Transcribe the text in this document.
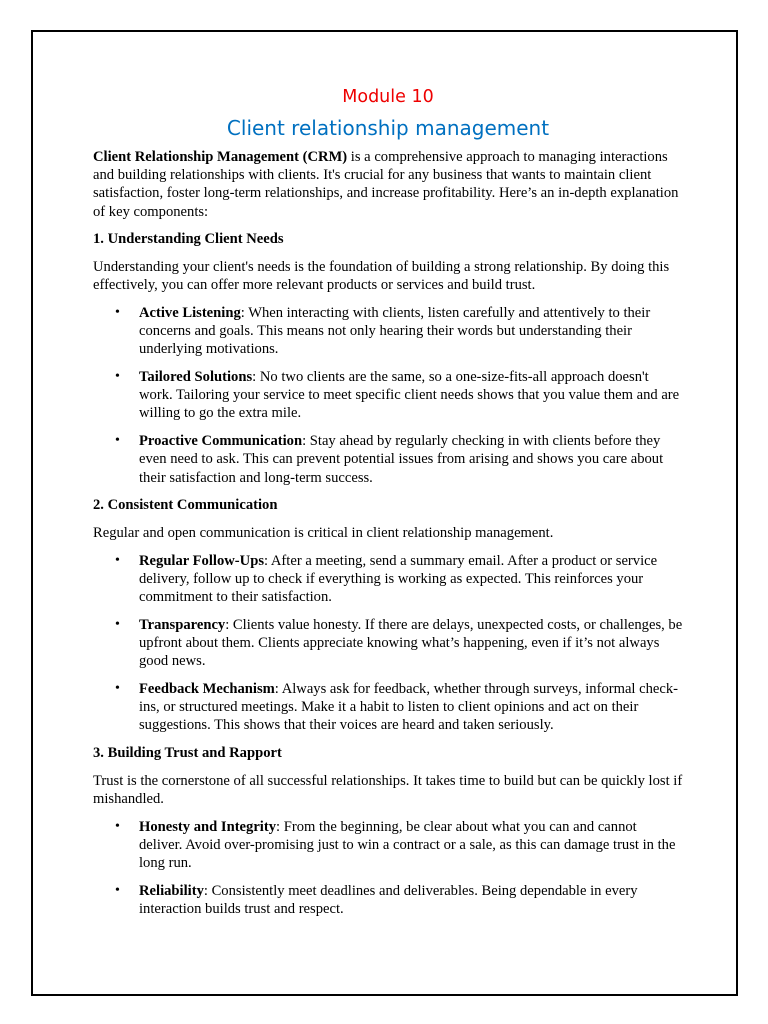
Module 10
Client relationship management

Client Relationship Management (CRM) is a comprehensive approach to managing interactions and building relationships with clients. It's crucial for any business that wants to maintain client satisfaction, foster long-term relationships, and increase profitability. Here’s an in-depth explanation of key components:

1. Understanding Client Needs

Understanding your client's needs is the foundation of building a strong relationship. By doing this effectively, you can offer more relevant products or services and build trust.

• Active Listening: When interacting with clients, listen carefully and attentively to their concerns and goals. This means not only hearing their words but understanding their underlying motivations.
• Tailored Solutions: No two clients are the same, so a one-size-fits-all approach doesn't work. Tailoring your service to meet specific client needs shows that you value them and are willing to go the extra mile.
• Proactive Communication: Stay ahead by regularly checking in with clients before they even need to ask. This can prevent potential issues from arising and shows you care about their satisfaction and long-term success.
2. Consistent Communication

Regular and open communication is critical in client relationship management.

• Regular Follow-Ups: After a meeting, send a summary email. After a product or service delivery, follow up to check if everything is working as expected. This reinforces your commitment to their satisfaction.
• Transparency: Clients value honesty. If there are delays, unexpected costs, or challenges, be upfront about them. Clients appreciate knowing what’s happening, even if it’s not always good news.
• Feedback Mechanism: Always ask for feedback, whether through surveys, informal check-ins, or structured meetings. Make it a habit to listen to client opinions and act on their suggestions. This shows that their voices are heard and taken seriously.
3. Building Trust and Rapport

Trust is the cornerstone of all successful relationships. It takes time to build but can be quickly lost if mishandled.

• Honesty and Integrity: From the beginning, be clear about what you can and cannot deliver. Avoid over-promising just to win a contract or a sale, as this can damage trust in the long run.
• Reliability: Consistently meet deadlines and deliverables. Being dependable in every interaction builds trust and respect.
